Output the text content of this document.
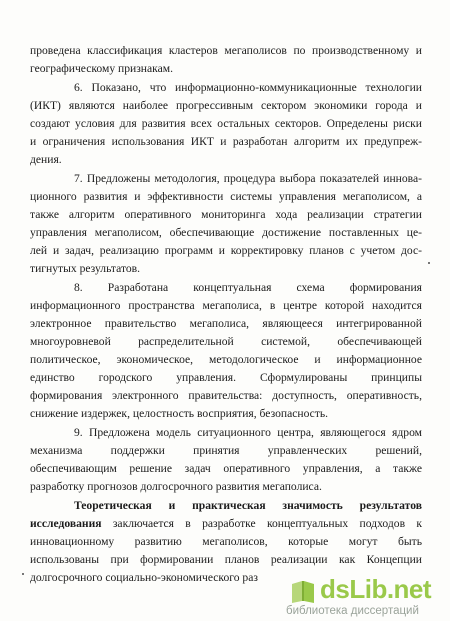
проведена классификация кластеров мегаполисов по производственному и
географическому признакам.
6. Показано, что информационно-коммуникационные технологии
(ИКТ) являются наиболее прогрессивным сектором экономики города и
создают условия для развития всех остальных секторов. Определены риски
и ограничения использования ИКТ и разработан алгоритм их предупреж-
дения.
7. Предложены методология, процедура выбора показателей иннова-
ционного развития и эффективности системы управления мегаполисом, а
также алгоритм оперативного мониторинга хода реализации стратегии
управления мегаполисом, обеспечивающие достижение поставленных це-
лей и задач, реализацию программ и корректировку планов с учетом дос-
тигнутых результатов.
8. Разработана концептуальная схема формирования
информационного пространства мегаполиса, в центре которой находится
электронное правительство мегаполиса, являющееся интегрированной
многоуровневой распределительной системой, обеспечивающей
политическое, экономическое, методологическое и информационное
единство городского управления. Сформулированы принципы
формирования электронного правительства: доступность, оперативность,
снижение издержек, целостность восприятия, безопасность.
9. Предложена модель ситуационного центра, являющегося ядром
механизма поддержки принятия управленческих решений,
обеспечивающим решение задач оперативного управления, а также
разработку прогнозов долгосрочного развития мегаполиса.
Теоретическая и практическая значимость результатов
исследования заключается в разработке концептуальных подходов к
инновационному развитию мегаполисов, которые могут быть
использованы при формировании планов реализации как Концепции
долгосрочного социально-экономического раз	dsLib.net
библиотека диссертаций
